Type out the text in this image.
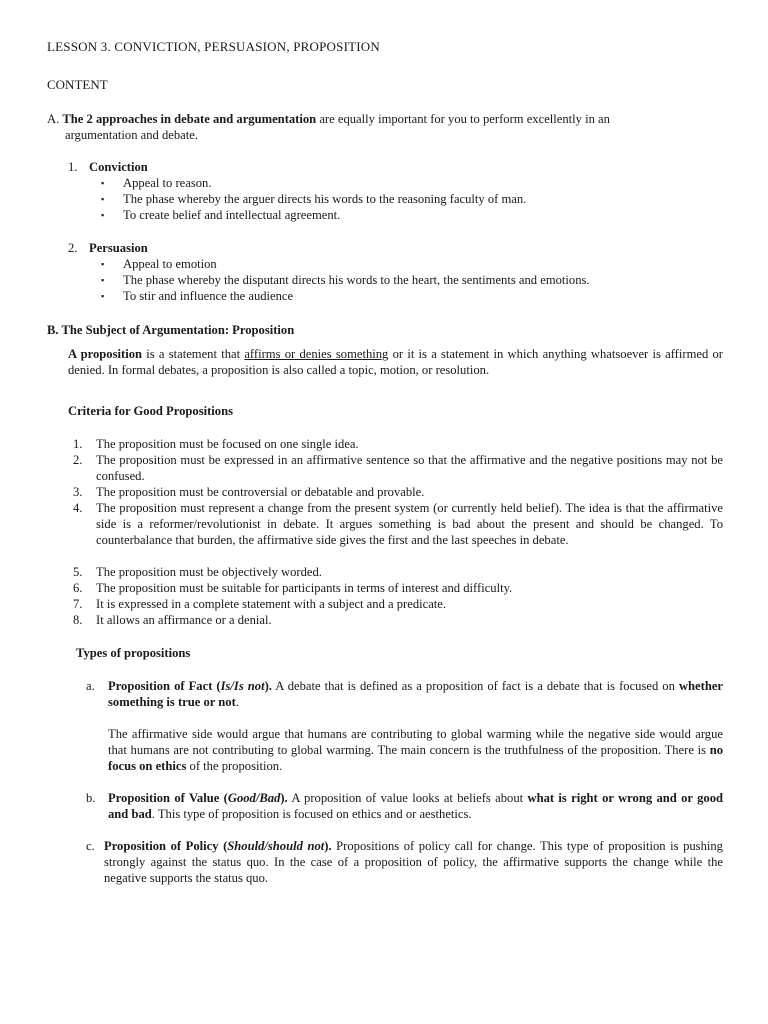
LESSON 3. CONVICTION, PERSUASION, PROPOSITION
CONTENT
A. The 2 approaches in debate and argumentation are equally important for you to perform excellently in an
argumentation and debate.
1. Conviction
▪ Appeal to reason.
▪ The phase whereby the arguer directs his words to the reasoning faculty of man.
▪ To create belief and intellectual agreement.
2. Persuasion
▪ Appeal to emotion
▪ The phase whereby the disputant directs his words to the heart, the sentiments and emotions.
▪ To stir and influence the audience
B. The Subject of Argumentation: Proposition
A proposition is a statement that affirms or denies something or it is a statement in which anything whatsoever is affirmed or denied. In formal debates, a proposition is also called a topic, motion, or resolution.
Criteria for Good Propositions
1. The proposition must be focused on one single idea.
2. The proposition must be expressed in an affirmative sentence so that the affirmative and the negative positions may not be confused.
3. The proposition must be controversial or debatable and provable.
4. The proposition must represent a change from the present system (or currently held belief). The idea is that the affirmative side is a reformer/revolutionist in debate. It argues something is bad about the present and should be changed. To counterbalance that burden, the affirmative side gives the first and the last speeches in debate.
5. The proposition must be objectively worded.
6. The proposition must be suitable for participants in terms of interest and difficulty.
7. It is expressed in a complete statement with a subject and a predicate.
8. It allows an affirmance or a denial.
Types of propositions
a. Proposition of Fact (Is/Is not). A debate that is defined as a proposition of fact is a debate that is focused on whether something is true or not.
The affirmative side would argue that humans are contributing to global warming while the negative side would argue that humans are not contributing to global warming. The main concern is the truthfulness of the proposition. There is no focus on ethics of the proposition.
b. Proposition of Value (Good/Bad). A proposition of value looks at beliefs about what is right or wrong and or good and bad. This type of proposition is focused on ethics and or aesthetics.
c. Proposition of Policy (Should/should not). Propositions of policy call for change. This type of proposition is pushing strongly against the status quo. In the case of a proposition of policy, the affirmative supports the change while the negative supports the status quo.
